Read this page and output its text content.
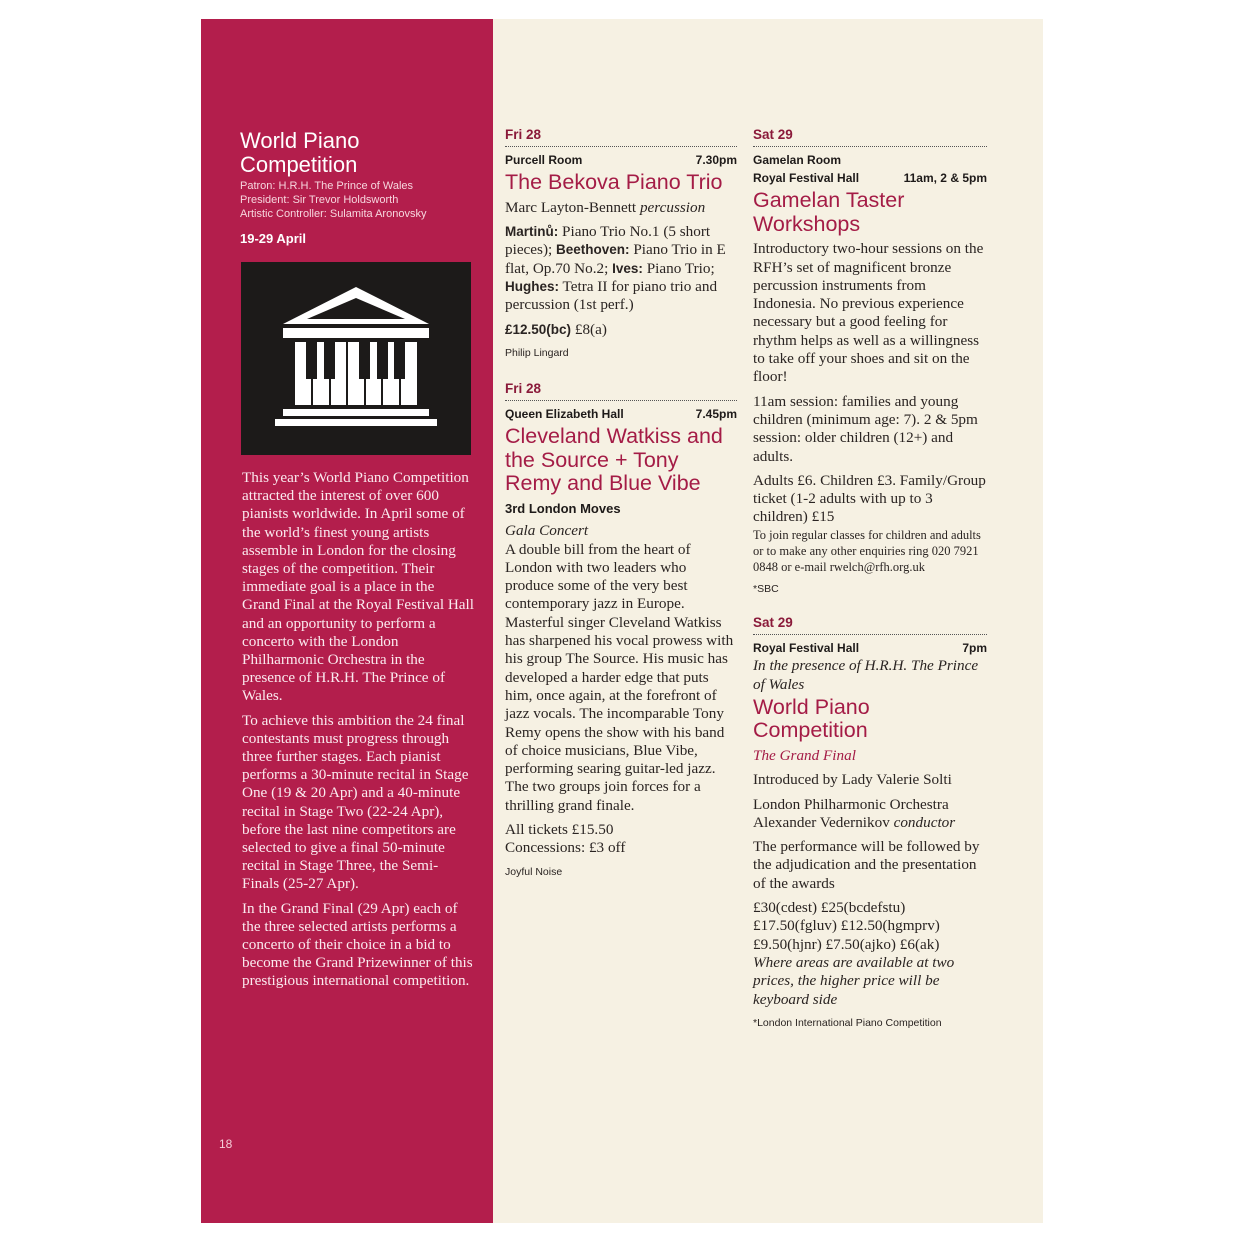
World Piano
Competition
Patron: H.R.H. The Prince of Wales
President: Sir Trevor Holdsworth
Artistic Controller: Sulamita Aronovsky
19-29 April

This year’s World Piano Competition attracted the interest of over 600 pianists worldwide. In April some of the world’s finest young artists assemble in London for the closing stages of the competition. Their immediate goal is a place in the Grand Final at the Royal Festival Hall and an opportunity to perform a concerto with the London Philharmonic Orchestra in the presence of H.R.H. The Prince of Wales.

To achieve this ambition the 24 final contestants must progress through three further stages. Each pianist performs a 30-minute recital in Stage One (19 & 20 Apr) and a 40-minute recital in Stage Two (22-24 Apr), before the last nine competitors are selected to give a final 50-minute recital in Stage Three, the Semi-Finals (25-27 Apr).

In the Grand Final (29 Apr) each of the three selected artists performs a concerto of their choice in a bid to become the Grand Prizewinner of this prestigious international competition.

18
Fri 28
Purcell Room	7.30pm
The Bekova Piano Trio

Marc Layton-Bennett percussion

Martinů: Piano Trio No.1 (5 short pieces); Beethoven: Piano Trio in E flat, Op.70 No.2; Ives: Piano Trio; Hughes: Tetra II for piano trio and percussion (1st perf.)

£12.50(bc) £8(a)

Philip Lingard
Fri 28
Queen Elizabeth Hall	7.45pm
Cleveland Watkiss and the Source + Tony Remy and Blue Vibe
3rd London Moves

Gala Concert

A double bill from the heart of London with two leaders who produce some of the very best contemporary jazz in Europe. Masterful singer Cleveland Watkiss has sharpened his vocal prowess with his group The Source. His music has developed a harder edge that puts him, once again, at the forefront of jazz vocals. The incomparable Tony Remy opens the show with his band of choice musicians, Blue Vibe, performing searing guitar-led jazz. The two groups join forces for a thrilling grand finale.

All tickets £15.50

Concessions: £3 off

Joyful Noise
Sat 29
Gamelan Room
Royal Festival Hall	11am, 2 & 5pm
Gamelan Taster Workshops

Introductory two-hour sessions on the RFH’s set of magnificent bronze percussion instruments from Indonesia. No previous experience necessary but a good feeling for rhythm helps as well as a willingness to take off your shoes and sit on the floor!

11am session: families and young children (minimum age: 7). 2 & 5pm session: older children (12+) and adults.

Adults £6. Children £3. Family/Group ticket (1-2 adults with up to 3 children) £15

To join regular classes for children and adults or to make any other enquiries ring 020 7921 0848 or e-mail rwelch@rfh.org.uk

*SBC
Sat 29
Royal Festival Hall	7pm

In the presence of H.R.H. The Prince of Wales

World Piano Competition

The Grand Final

Introduced by Lady Valerie Solti

London Philharmonic Orchestra

Alexander Vedernikov conductor

The performance will be followed by the adjudication and the presentation of the awards

£30(cdest) £25(bcdefstu) £17.50(fgluv) £12.50(hgmprv) £9.50(hjnr) £7.50(ajko) £6(ak)

Where areas are available at two prices, the higher price will be keyboard side

*London International Piano Competition
